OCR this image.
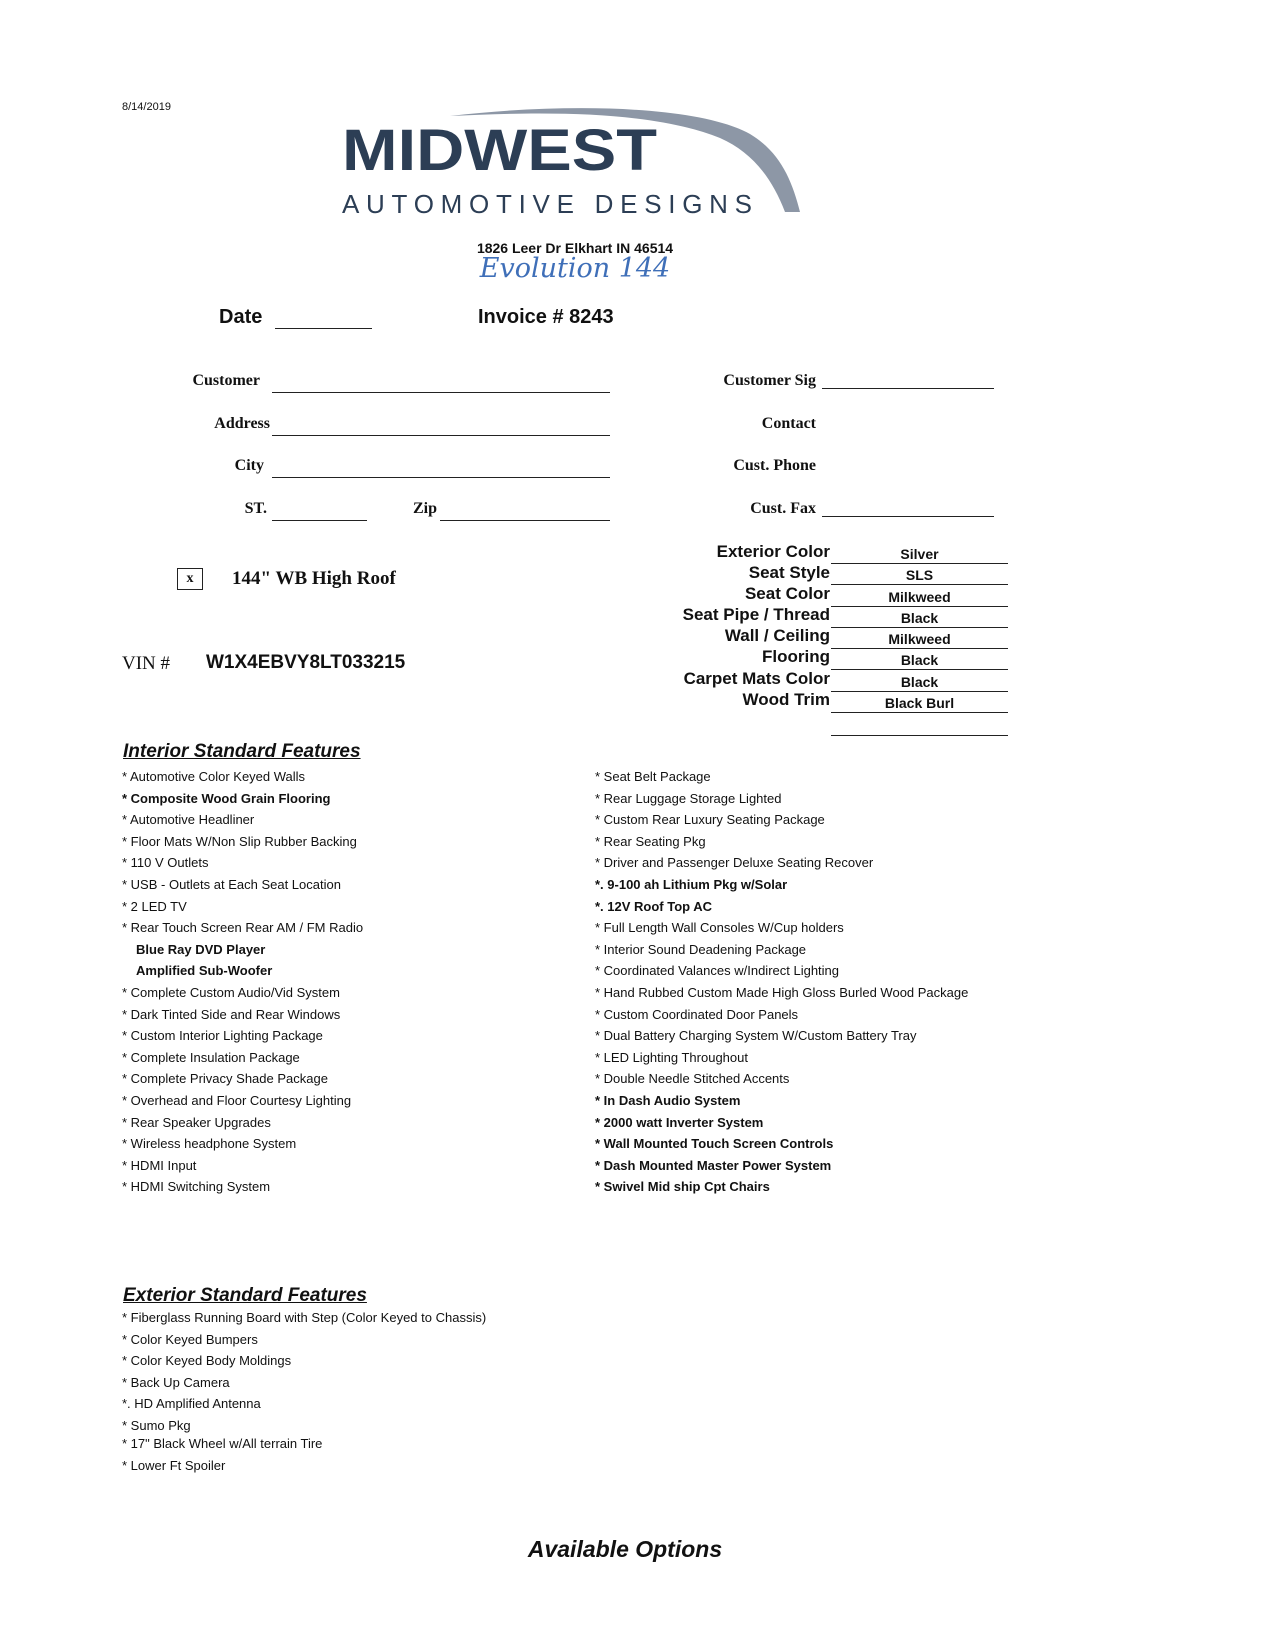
8/14/2019
MIDWEST
AUTOMOTIVE DESIGNS
1826 Leer Dr Elkhart IN 46514
Evolution 144
Date	Invoice # 8243
Customer
Address
City
ST.	Zip
Customer Sig
Contact
Cust. Phone
Cust. Fax
x	144" WB High Roof
VIN # W1X4EBVY8LT033215
Exterior Color	Silver
Seat Style	SLS
Seat Color	Milkweed
Seat Pipe / Thread	Black
Wall / Ceiling	Milkweed
Flooring	Black
Carpet Mats Color	Black
Wood Trim	Black Burl
Interior Standard Features
* Automotive Color Keyed Walls
* Composite Wood Grain Flooring
* Automotive Headliner
* Floor Mats W/Non Slip Rubber Backing
* 110 V Outlets
* USB - Outlets at Each Seat Location
* 2 LED TV
* Rear Touch Screen Rear AM / FM Radio
Blue Ray DVD Player
Amplified Sub-Woofer
* Complete Custom Audio/Vid System
* Dark Tinted Side and Rear Windows
* Custom Interior Lighting Package
* Complete Insulation Package
* Complete Privacy Shade Package
* Overhead and Floor Courtesy Lighting
* Rear Speaker Upgrades
* Wireless headphone System
* HDMI Input
* HDMI Switching System
* Seat Belt Package
* Rear Luggage Storage Lighted
* Custom Rear Luxury Seating Package
* Rear Seating Pkg
* Driver and Passenger Deluxe Seating Recover
*. 9-100 ah Lithium Pkg w/Solar
*. 12V Roof Top AC
* Full Length Wall Consoles W/Cup holders
* Interior Sound Deadening Package
* Coordinated Valances w/Indirect Lighting
* Hand Rubbed Custom Made High Gloss Burled Wood Package
* Custom Coordinated Door Panels
* Dual Battery Charging System W/Custom Battery Tray
* LED Lighting Throughout
* Double Needle Stitched Accents
* In Dash Audio System
* 2000 watt Inverter System
* Wall Mounted Touch Screen Controls
* Dash Mounted Master Power System
* Swivel Mid ship Cpt Chairs
Exterior Standard Features
* Fiberglass Running Board with Step (Color Keyed to Chassis)
* Color Keyed Bumpers
* Color Keyed Body Moldings
* Back Up Camera
*. HD Amplified Antenna
* Sumo Pkg
* 17" Black Wheel w/All terrain Tire
* Lower Ft Spoiler
Available Options
